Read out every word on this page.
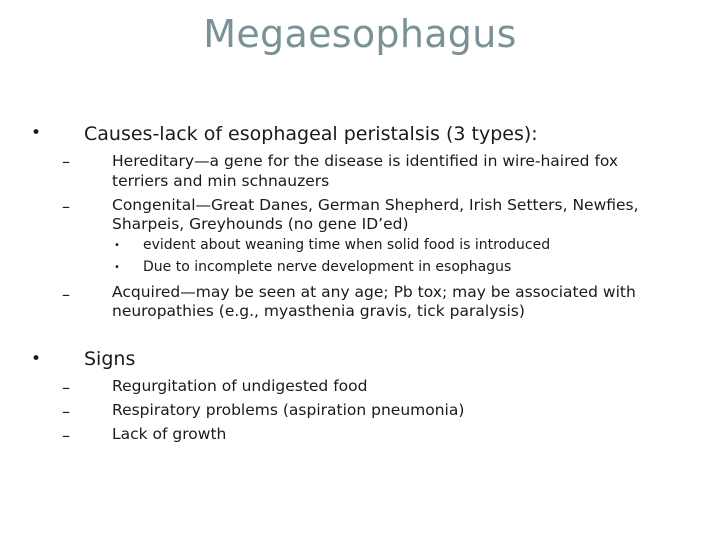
Megaesophagus
• Causes-lack of esophageal peristalsis (3 types):
–	Hereditary—a gene for the disease is identified in wire-haired fox
terriers and min schnauzers
–	Congenital—Great Danes, German Shepherd, Irish Setters, Newfies,
Sharpeis, Greyhounds (no gene ID’ed)
• evident about weaning time when solid food is introduced
• Due to incomplete nerve development in esophagus
–	Acquired—may be seen at any age; Pb tox; may be associated with
neuropathies (e.g., myasthenia gravis, tick paralysis)
• Signs
–	Regurgitation of undigested food
–	Respiratory problems (aspiration pneumonia)
–	Lack of growth
